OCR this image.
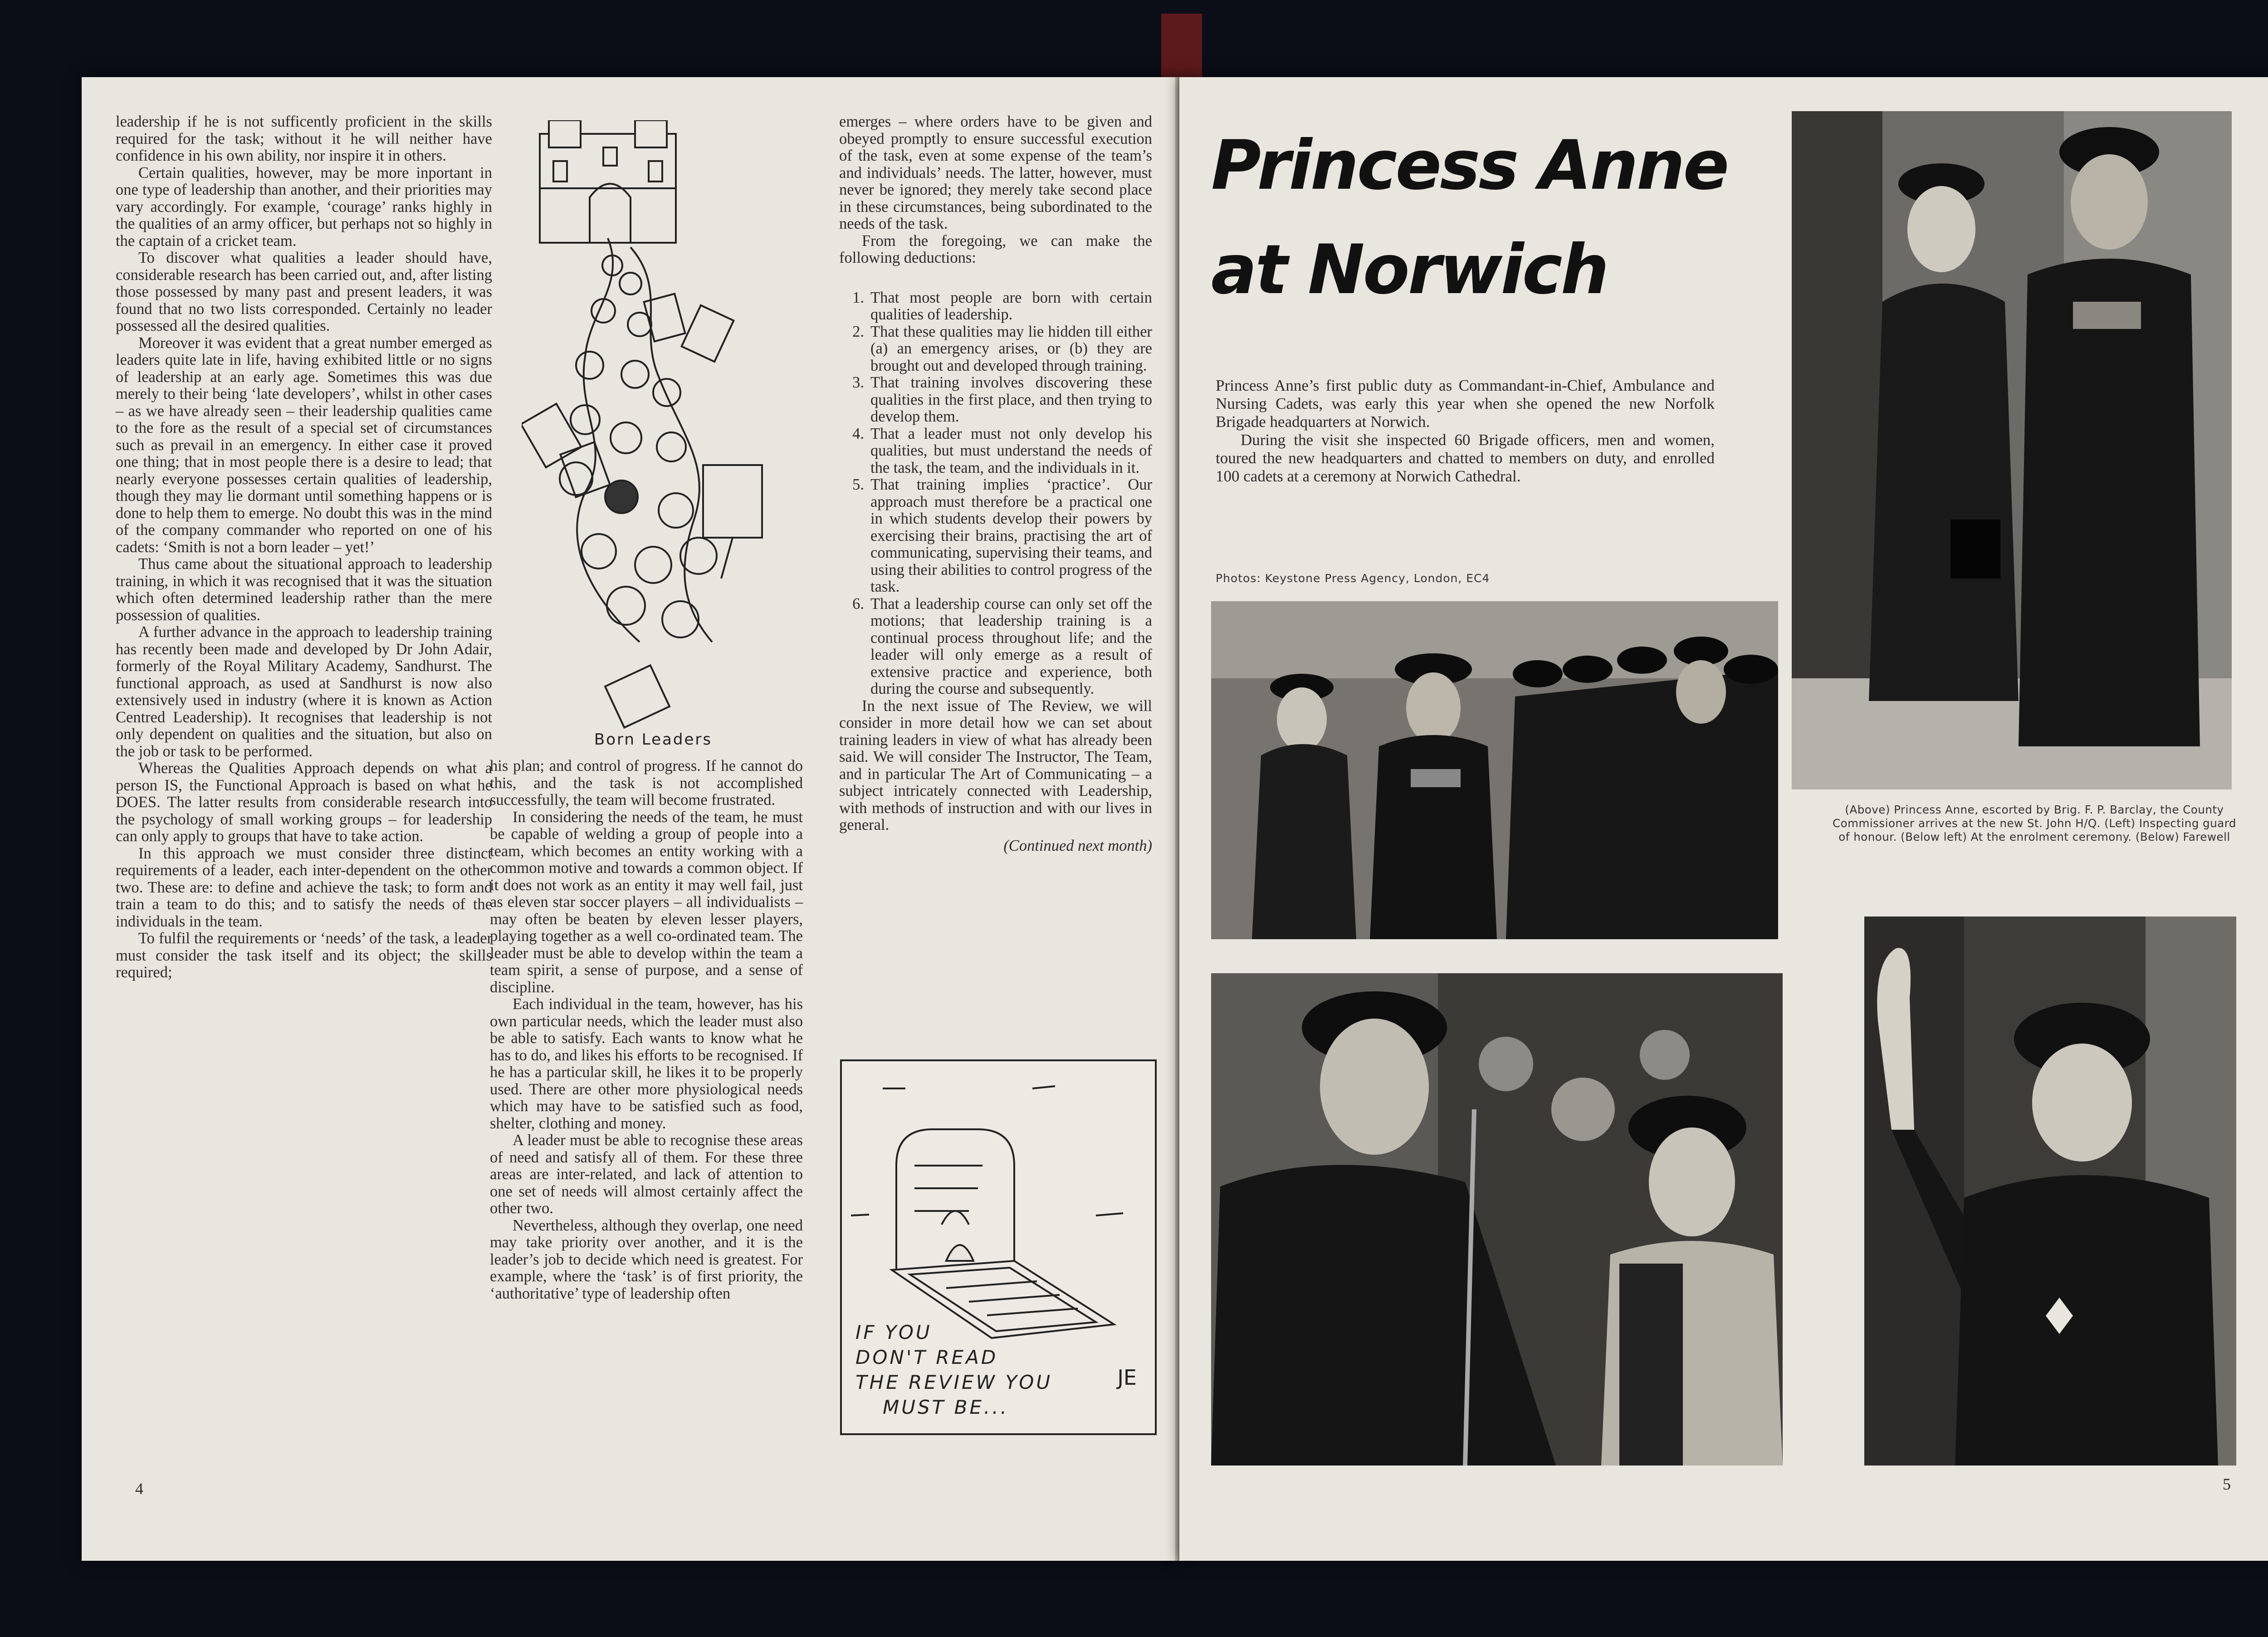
leadership if he is not sufficently proficient in the skills required for the task; without it he will neither have confidence in his own ability, nor inspire it in others.

Certain qualities, however, may be more inportant in one type of leadership than another, and their priorities may vary accordingly. For example, ‘courage’ ranks highly in the qualities of an army officer, but perhaps not so highly in the captain of a cricket team.

To discover what qualities a leader should have, considerable research has been carried out, and, after listing those possessed by many past and present leaders, it was found that no two lists corresponded. Certainly no leader possessed all the desired qualities.

Moreover it was evident that a great number emerged as leaders quite late in life, having exhibited little or no signs of leadership at an early age. Sometimes this was due merely to their being ‘late developers’, whilst in other cases – as we have already seen – their leadership qualities came to the fore as the result of a special set of circumstances such as prevail in an emergency. In either case it proved one thing; that in most people there is a desire to lead; that nearly everyone possesses certain qualities of leadership, though they may lie dormant until something happens or is done to help them to emerge. No doubt this was in the mind of the company commander who reported on one of his cadets: ‘Smith is not a born leader – yet!’

Thus came about the situational approach to leadership training, in which it was recognised that it was the situation which often determined leadership rather than the mere possession of qualities.

A further advance in the approach to leadership training has recently been made and developed by Dr John Adair, formerly of the Royal Military Academy, Sandhurst. The functional approach, as used at Sandhurst is now also extensively used in industry (where it is known as Action Centred Leadership). It recognises that leadership is not only dependent on qualities and the situation, but also on the job or task to be performed.

Whereas the Qualities Approach depends on what a person IS, the Functional Approach is based on what he DOES. The latter results from considerable research into the psychology of small working groups – for leadership can only apply to groups that have to take action.

In this approach we must consider three distinct requirements of a leader, each inter-dependent on the other two. These are: to define and achieve the task; to form and train a team to do this; and to satisfy the needs of the individuals in the team.

To fulfil the requirements or ‘needs’ of the task, a leader must consider the task itself and its object; the skills required;

Born Leaders

his plan; and control of progress. If he cannot do this, and the task is not accomplished successfully, the team will become frustrated.

In considering the needs of the team, he must be capable of welding a group of people into a team, which becomes an entity working with a common motive and towards a common object. If it does not work as an entity it may well fail, just as eleven star soccer players – all individualists – may often be beaten by eleven lesser players, playing together as a well co-ordinated team. The leader must be able to develop within the team a team spirit, a sense of purpose, and a sense of discipline.

Each individual in the team, however, has his own particular needs, which the leader must also be able to satisfy. Each wants to know what he has to do, and likes his efforts to be recognised. If he has a particular skill, he likes it to be properly used. There are other more physiological needs which may have to be satisfied such as food, shelter, clothing and money.

A leader must be able to recognise these areas of need and satisfy all of them. For these three areas are inter-related, and lack of attention to one set of needs will almost certainly affect the other two.

Nevertheless, although they overlap, one need may take priority over another, and it is the leader’s job to decide which need is greatest. For example, where the ‘task’ is of first priority, the ‘authoritative’ type of leadership often

emerges – where orders have to be given and obeyed promptly to ensure successful execution of the task, even at some expense of the team’s and individuals’ needs. The latter, however, must never be ignored; they merely take second place in these circumstances, being subordinated to the needs of the task.

From the foregoing, we can make the following deductions:

1. That most people are born with certain qualities of leadership.
2. That these qualities may lie hidden till either (a) an emergency arises, or (b) they are brought out and developed through training.
3. That training involves discovering these qualities in the first place, and then trying to develop them.
4. That a leader must not only develop his qualities, but must understand the needs of the task, the team, and the individuals in it.
5. That training implies ‘practice’. Our approach must therefore be a practical one in which students develop their powers by exercising their brains, practising the art of communicating, supervising their teams, and using their abilities to control progress of the task.
6. That a leadership course can only set off the motions; that leadership training is a continual process throughout life; and the leader will only emerge as a result of extensive practice and experience, both during the course and subsequently.

In the next issue of The Review, we will consider in more detail how we can set about training leaders in view of what has already been said. We will consider The Instructor, The Team, and in particular The Art of Communicating – a subject intricately connected with Leadership, with methods of instruction and with our lives in general.

(Continued next month)
IF YOU
DON'T READ
THE REVIEW YOU
MUST BE...
JE
4
Princess Anne
at Norwich

Princess Anne’s first public duty as Commandant-in-Chief, Ambulance and Nursing Cadets, was early this year when she opened the new Norfolk Brigade headquarters at Norwich.

During the visit she inspected 60 Brigade officers, men and women, toured the new headquarters and chatted to members on duty, and enrolled 100 cadets at a ceremony at Norwich Cathedral.

Photos: Keystone Press Agency, London, EC4
(Above) Princess Anne, escorted by Brig. F. P. Barclay, the County Commissioner arrives at the new St. John H/Q. (Left) Inspecting guard of honour. (Below left) At the enrolment ceremony. (Below) Farewell
5
